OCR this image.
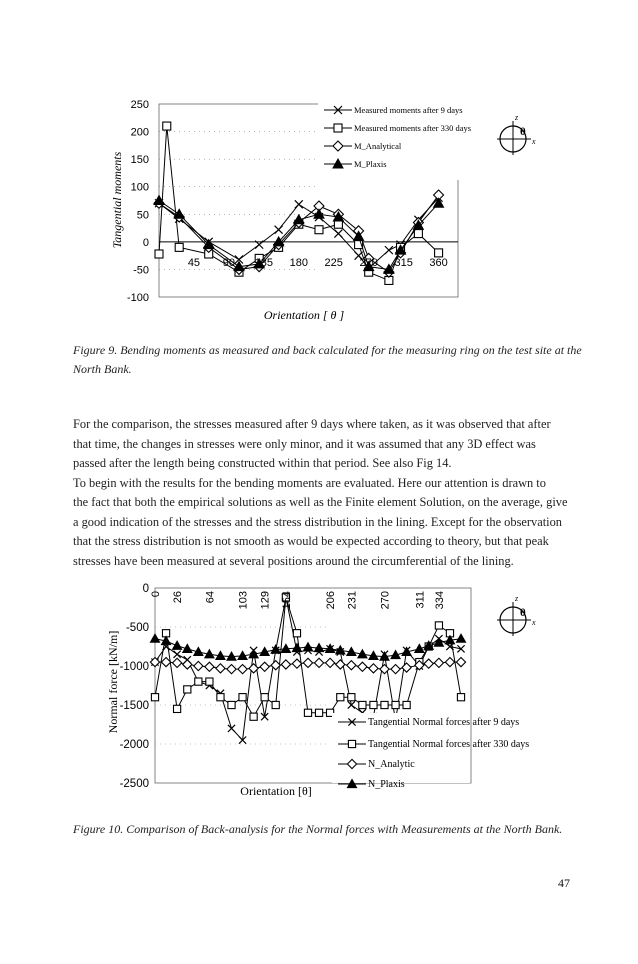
Tangential moments
250
200
150
100
50
0
-50
-100
45 90 135 180 225 270 315 360
Measured moments after 9 days
Measured moments after 330 days
M_Analytical
M_Plaxis
Orientation [ θ ]
z
x
θ
Figure 9. Bending moments as measured and back calculated for the measuring ring on the test site at the
North Bank.
For the comparison, the stresses measured after 9 days where taken, as it was observed that after
that time, the changes in stresses were only minor, and it was assumed that any 3D effect was
passed after the length being constructed within that period. See also Fig 14.
To begin with the results for the bending moments are evaluated. Here our attention is drawn to
the fact that both the empirical solutions as well as the Finite element Solution, on the average, give
a good indication of the stresses and the stress distribution in the lining. Except for the observation
that the stress distribution is not smooth as would be expected according to theory, but that peak
stresses have been measured at several positions around the circumferential of the lining.
Normal force [kN/m]
0
-500
-1000
-1500
-2000
-2500
0 26 64 103 129 154	206 231 270 311 334
Tangential Normal forces after 9 days
Tangential Normal forces after 330 days
N_Analytic
N_Plaxis
Orientation [θ]
z
x
θ
Figure 10. Comparison of Back-analysis for the Normal forces with Measurements at the North Bank.
47
